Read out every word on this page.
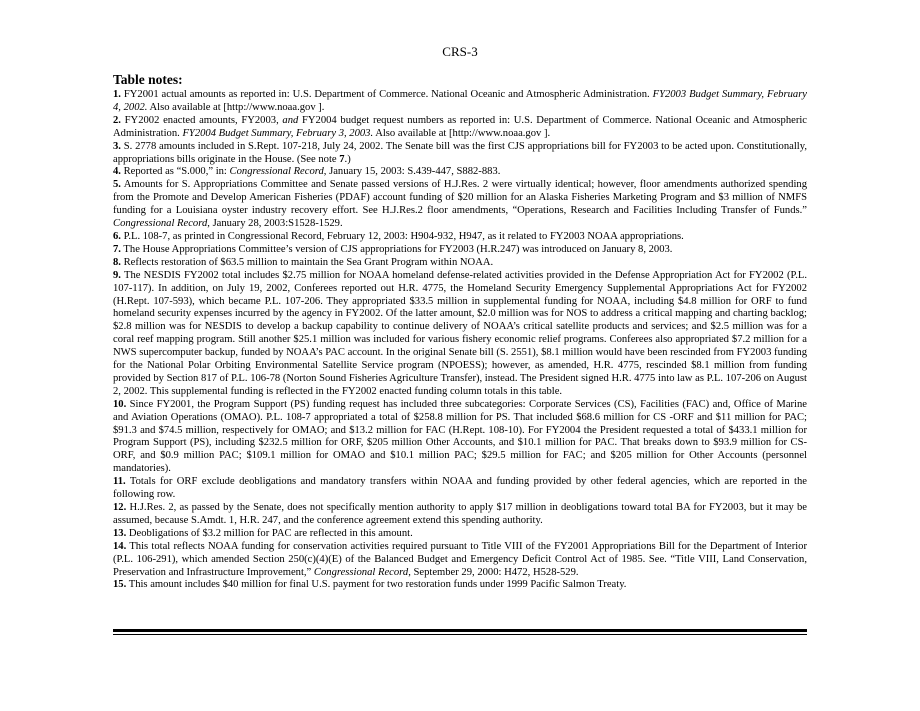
CRS-3
Table notes:

1. FY2001 actual amounts as reported in: U.S. Department of Commerce. National Oceanic and Atmospheric Administration. FY2003 Budget Summary, February 4, 2002. Also available at [http://www.noaa.gov ].

2. FY2002 enacted amounts, FY2003, and FY2004 budget request numbers as reported in: U.S. Department of Commerce. National Oceanic and Atmospheric Administration. FY2004 Budget Summary, February 3, 2003. Also available at [http://www.noaa.gov ].

3. S. 2778 amounts included in S.Rept. 107-218, July 24, 2002. The Senate bill was the first CJS appropriations bill for FY2003 to be acted upon. Constitutionally, appropriations bills originate in the House. (See note 7.)

4. Reported as “S.000,” in: Congressional Record, January 15, 2003: S.439-447, S882-883.

5. Amounts for S. Appropriations Committee and Senate passed versions of H.J.Res. 2 were virtually identical; however, floor amendments authorized spending from the Promote and Develop American Fisheries (PDAF) account funding of $20 million for an Alaska Fisheries Marketing Program and $3 million of NMFS funding for a Louisiana oyster industry recovery effort. See H.J.Res.2 floor amendments, “Operations, Research and Facilities Including Transfer of Funds.” Congressional Record, January 28, 2003:S1528-1529.

6. P.L. 108-7, as printed in Congressional Record, February 12, 2003: H904-932, H947, as it related to FY2003 NOAA appropriations.

7. The House Appropriations Committee’s version of CJS appropriations for FY2003 (H.R.247) was introduced on January 8, 2003.

8. Reflects restoration of $63.5 million to maintain the Sea Grant Program within NOAA.

9. The NESDIS FY2002 total includes $2.75 million for NOAA homeland defense-related activities provided in the Defense Appropriation Act for FY2002 (P.L. 107-117). In addition, on July 19, 2002, Conferees reported out H.R. 4775, the Homeland Security Emergency Supplemental Appropriations Act for FY2002 (H.Rept. 107-593), which became P.L. 107-206. They appropriated $33.5 million in supplemental funding for NOAA, including $4.8 million for ORF to fund homeland security expenses incurred by the agency in FY2002. Of the latter amount, $2.0 million was for NOS to address a critical mapping and charting backlog; $2.8 million was for NESDIS to develop a backup capability to continue delivery of NOAA’s critical satellite products and services; and $2.5 million was for a coral reef mapping program. Still another $25.1 million was included for various fishery economic relief programs. Conferees also appropriated $7.2 million for a NWS supercomputer backup, funded by NOAA’s PAC account. In the original Senate bill (S. 2551), $8.1 million would have been rescinded from FY2003 funding for the National Polar Orbiting Environmental Satellite Service program (NPOESS); however, as amended, H.R. 4775, rescinded $8.1 million from funding provided by Section 817 of P.L. 106-78 (Norton Sound Fisheries Agriculture Transfer), instead. The President signed H.R. 4775 into law as P.L. 107-206 on August 2, 2002. This supplemental funding is reflected in the FY2002 enacted funding column totals in this table.

10. Since FY2001, the Program Support (PS) funding request has included three subcategories: Corporate Services (CS), Facilities (FAC) and, Office of Marine and Aviation Operations (OMAO). P.L. 108-7 appropriated a total of $258.8 million for PS. That included $68.6 million for CS -ORF and $11 million for PAC; $91.3 and $74.5 million, respectively for OMAO; and $13.2 million for FAC (H.Rept. 108-10). For FY2004 the President requested a total of $433.1 million for Program Support (PS), including $232.5 million for ORF, $205 million Other Accounts, and $10.1 million for PAC. That breaks down to $93.9 million for CS-ORF, and $0.9 million PAC; $109.1 million for OMAO and $10.1 million PAC; $29.5 million for FAC; and $205 million for Other Accounts (personnel mandatories).

11. Totals for ORF exclude deobligations and mandatory transfers within NOAA and funding provided by other federal agencies, which are reported in the following row.

12. H.J.Res. 2, as passed by the Senate, does not specifically mention authority to apply $17 million in deobligations toward total BA for FY2003, but it may be assumed, because S.Amdt. 1, H.R. 247, and the conference agreement extend this spending authority.

13. Deobligations of $3.2 million for PAC are reflected in this amount.

14. This total reflects NOAA funding for conservation activities required pursuant to Title VIII of the FY2001 Appropriations Bill for the Department of Interior (P.L. 106-291), which amended Section 250(c)(4)(E) of the Balanced Budget and Emergency Deficit Control Act of 1985. See. “Title VIII, Land Conservation, Preservation and Infrastructure Improvement,” Congressional Record, September 29, 2000: H472, H528-529.

15. This amount includes $40 million for final U.S. payment for two restoration funds under 1999 Pacific Salmon Treaty.
